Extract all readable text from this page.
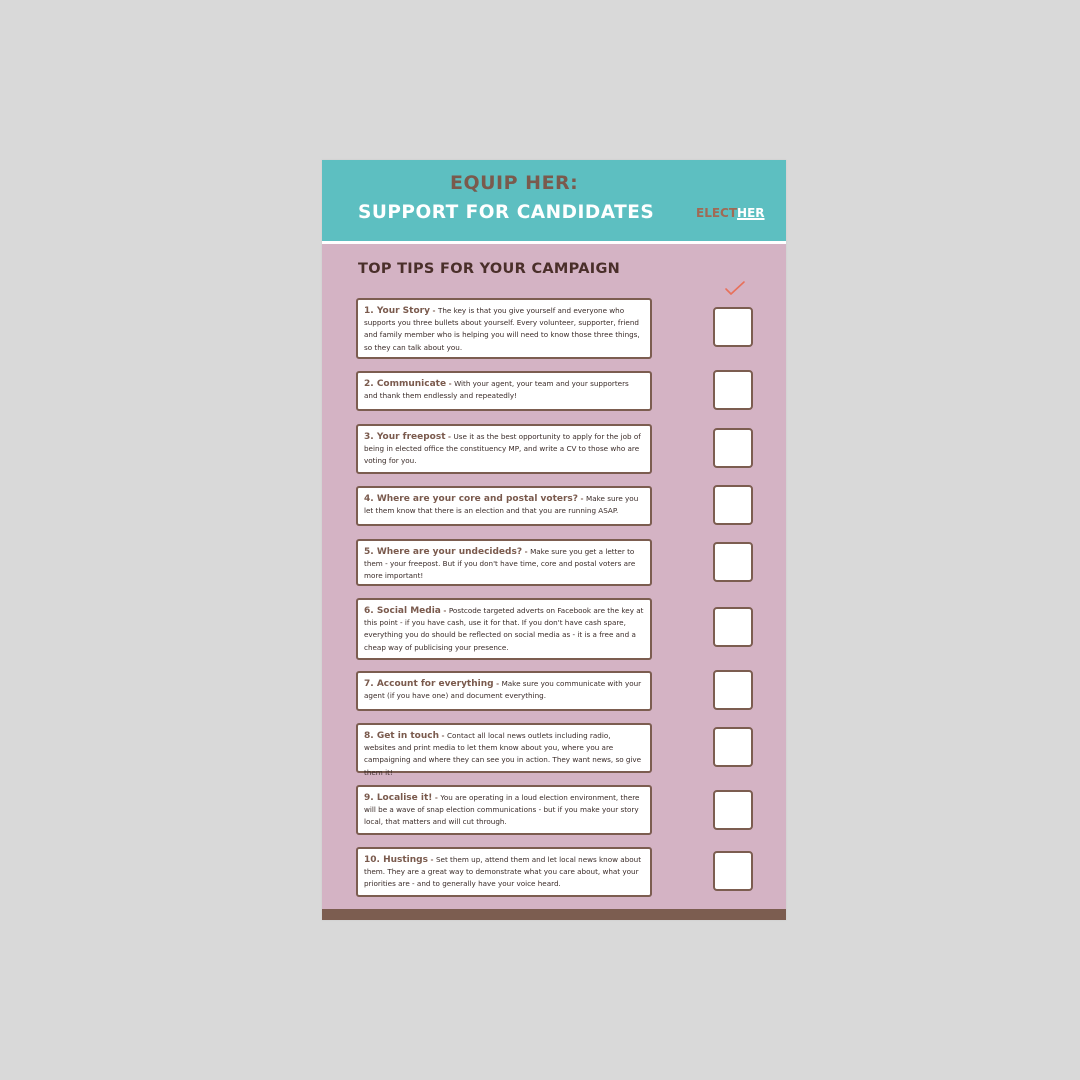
EQUIP HER:
SUPPORT FOR CANDIDATES	ELECTHER
TOP TIPS FOR YOUR CAMPAIGN
1. Your Story - The key is that you give yourself and everyone who supports you three bullets about yourself. Every volunteer, supporter, friend and family member who is helping you will need to know those three things, so they can talk about you.
2. Communicate - With your agent, your team and your supporters and thank them endlessly and repeatedly!
3. Your freepost - Use it as the best opportunity to apply for the job of being in elected office the constituency MP, and write a CV to those who are voting for you.
4. Where are your core and postal voters? - Make sure you let them know that there is an election and that you are running ASAP.
5. Where are your undecideds? - Make sure you get a letter to them - your freepost. But if you don't have time, core and postal voters are more important!
6. Social Media - Postcode targeted adverts on Facebook are the key at this point - if you have cash, use it for that. If you don't have cash spare, everything you do should be reflected on social media as - it is a free and a cheap way of publicising your presence.
7. Account for everything - Make sure you communicate with your agent (if you have one) and document everything.
8. Get in touch - Contact all local news outlets including radio, websites and print media to let them know about you, where you are campaigning and where they can see you in action. They want news, so give them it!
9. Localise it! - You are operating in a loud election environment, there will be a wave of snap election communications - but if you make your story local, that matters and will cut through.
10. Hustings - Set them up, attend them and let local news know about them. They are a great way to demonstrate what you care about, what your priorities are - and to generally have your voice heard.
